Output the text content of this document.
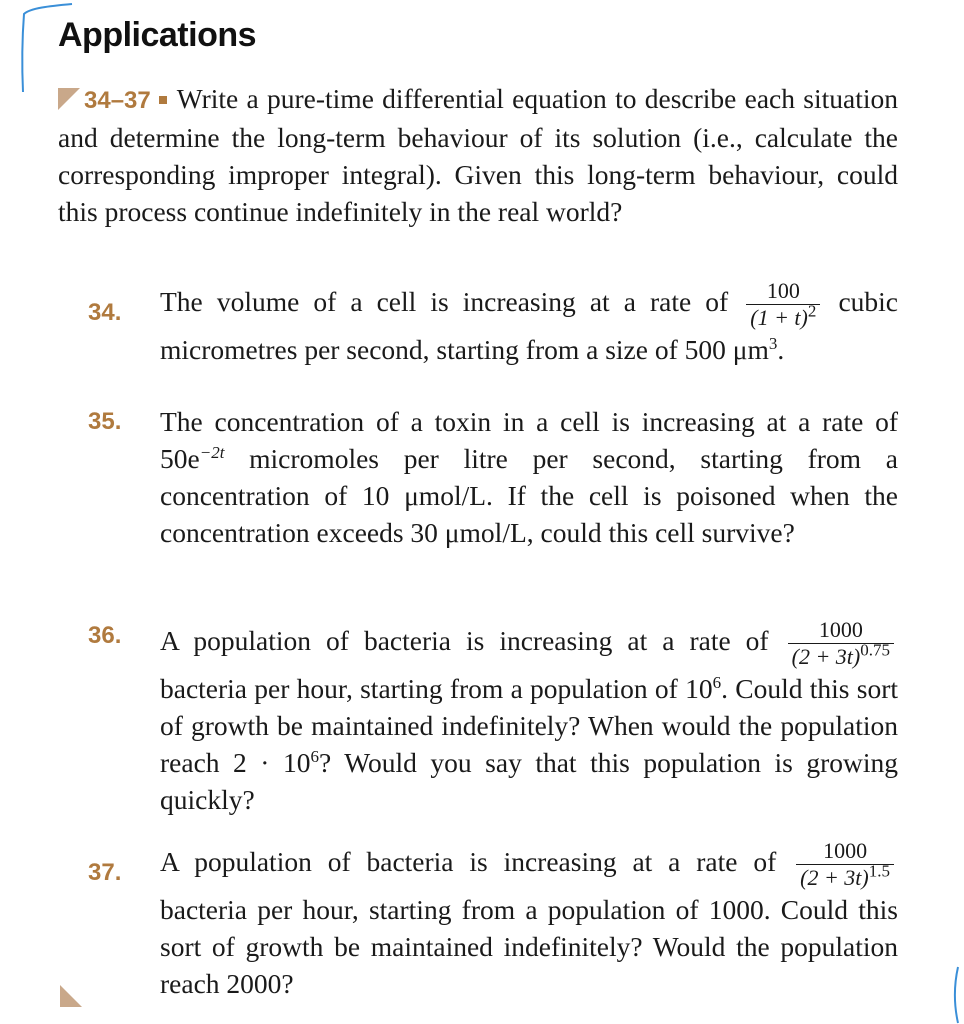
Applications
34–37 Write a pure-time differential equation to describe each situation and determine the long-term behaviour of its solution (i.e., calculate the corresponding improper integral). Given this long-term behaviour, could this process continue indefinitely in the real world?
34. The volume of a cell is increasing at a rate of $\frac{100}{(1 + t)^2}$ cubic micrometres per second, starting from a size of 500 $\mu m^3$.
35. The concentration of a toxin in a cell is increasing at a rate of $50e^{-2t}$ micromoles per litre per second, starting from a concentration of 10 μmol/L. If the cell is poisoned when the concentration exceeds 30 μmol/L, could this cell survive?
36. A population of bacteria is increasing at a rate of $\frac{1000}{(2 + 3t)^{0.75}}$
bacteria per hour, starting from a population of $10^6$. Could this sort of growth be maintained indefinitely? When would the population reach $2 \cdot 10^6$? Would you say that this population is growing quickly?
37. A population of bacteria is increasing at a rate of $\frac{1000}{(2 + 3t)^{1.5}}$
bacteria per hour, starting from a population of 1000. Could this sort of growth be maintained indefinitely? Would the population reach 2000?
